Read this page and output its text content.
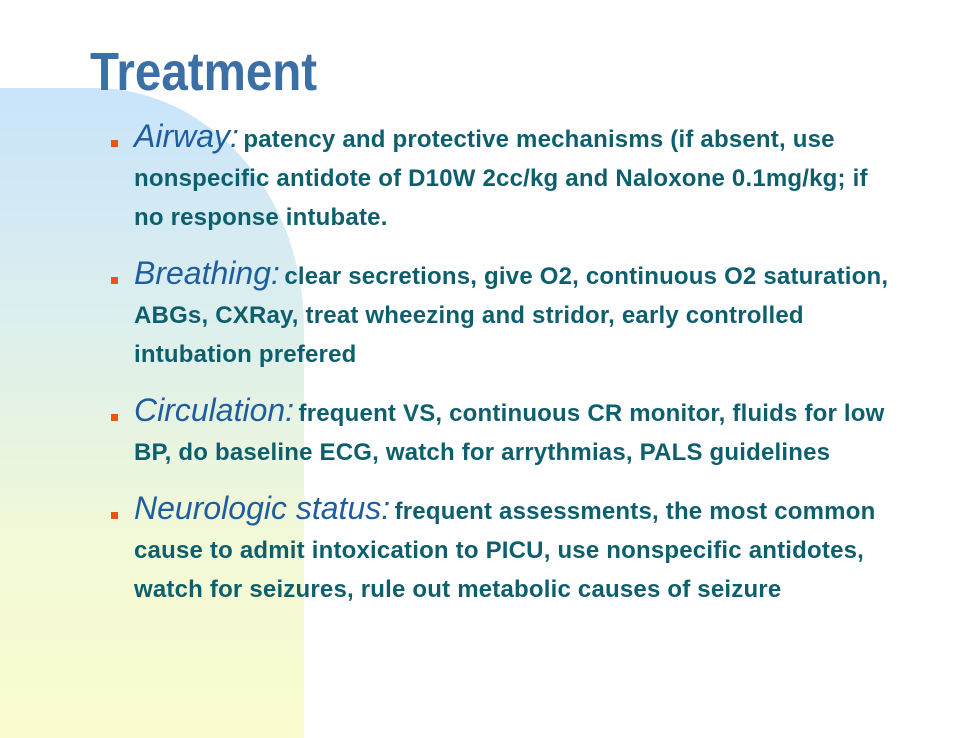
Treatment
Airway: patency and protective mechanisms (if absent, use nonspecific antidote of D10W 2cc/kg and Naloxone 0.1mg/kg; if no response intubate.
Breathing: clear secretions, give O2, continuous O2 saturation, ABGs, CXRay, treat wheezing and stridor, early controlled intubation prefered
Circulation: frequent VS, continuous CR monitor, fluids for low BP, do baseline ECG, watch for arrythmias, PALS guidelines
Neurologic status: frequent assessments, the most common cause to admit intoxication to PICU, use nonspecific antidotes, watch for seizures, rule out metabolic causes of seizure
